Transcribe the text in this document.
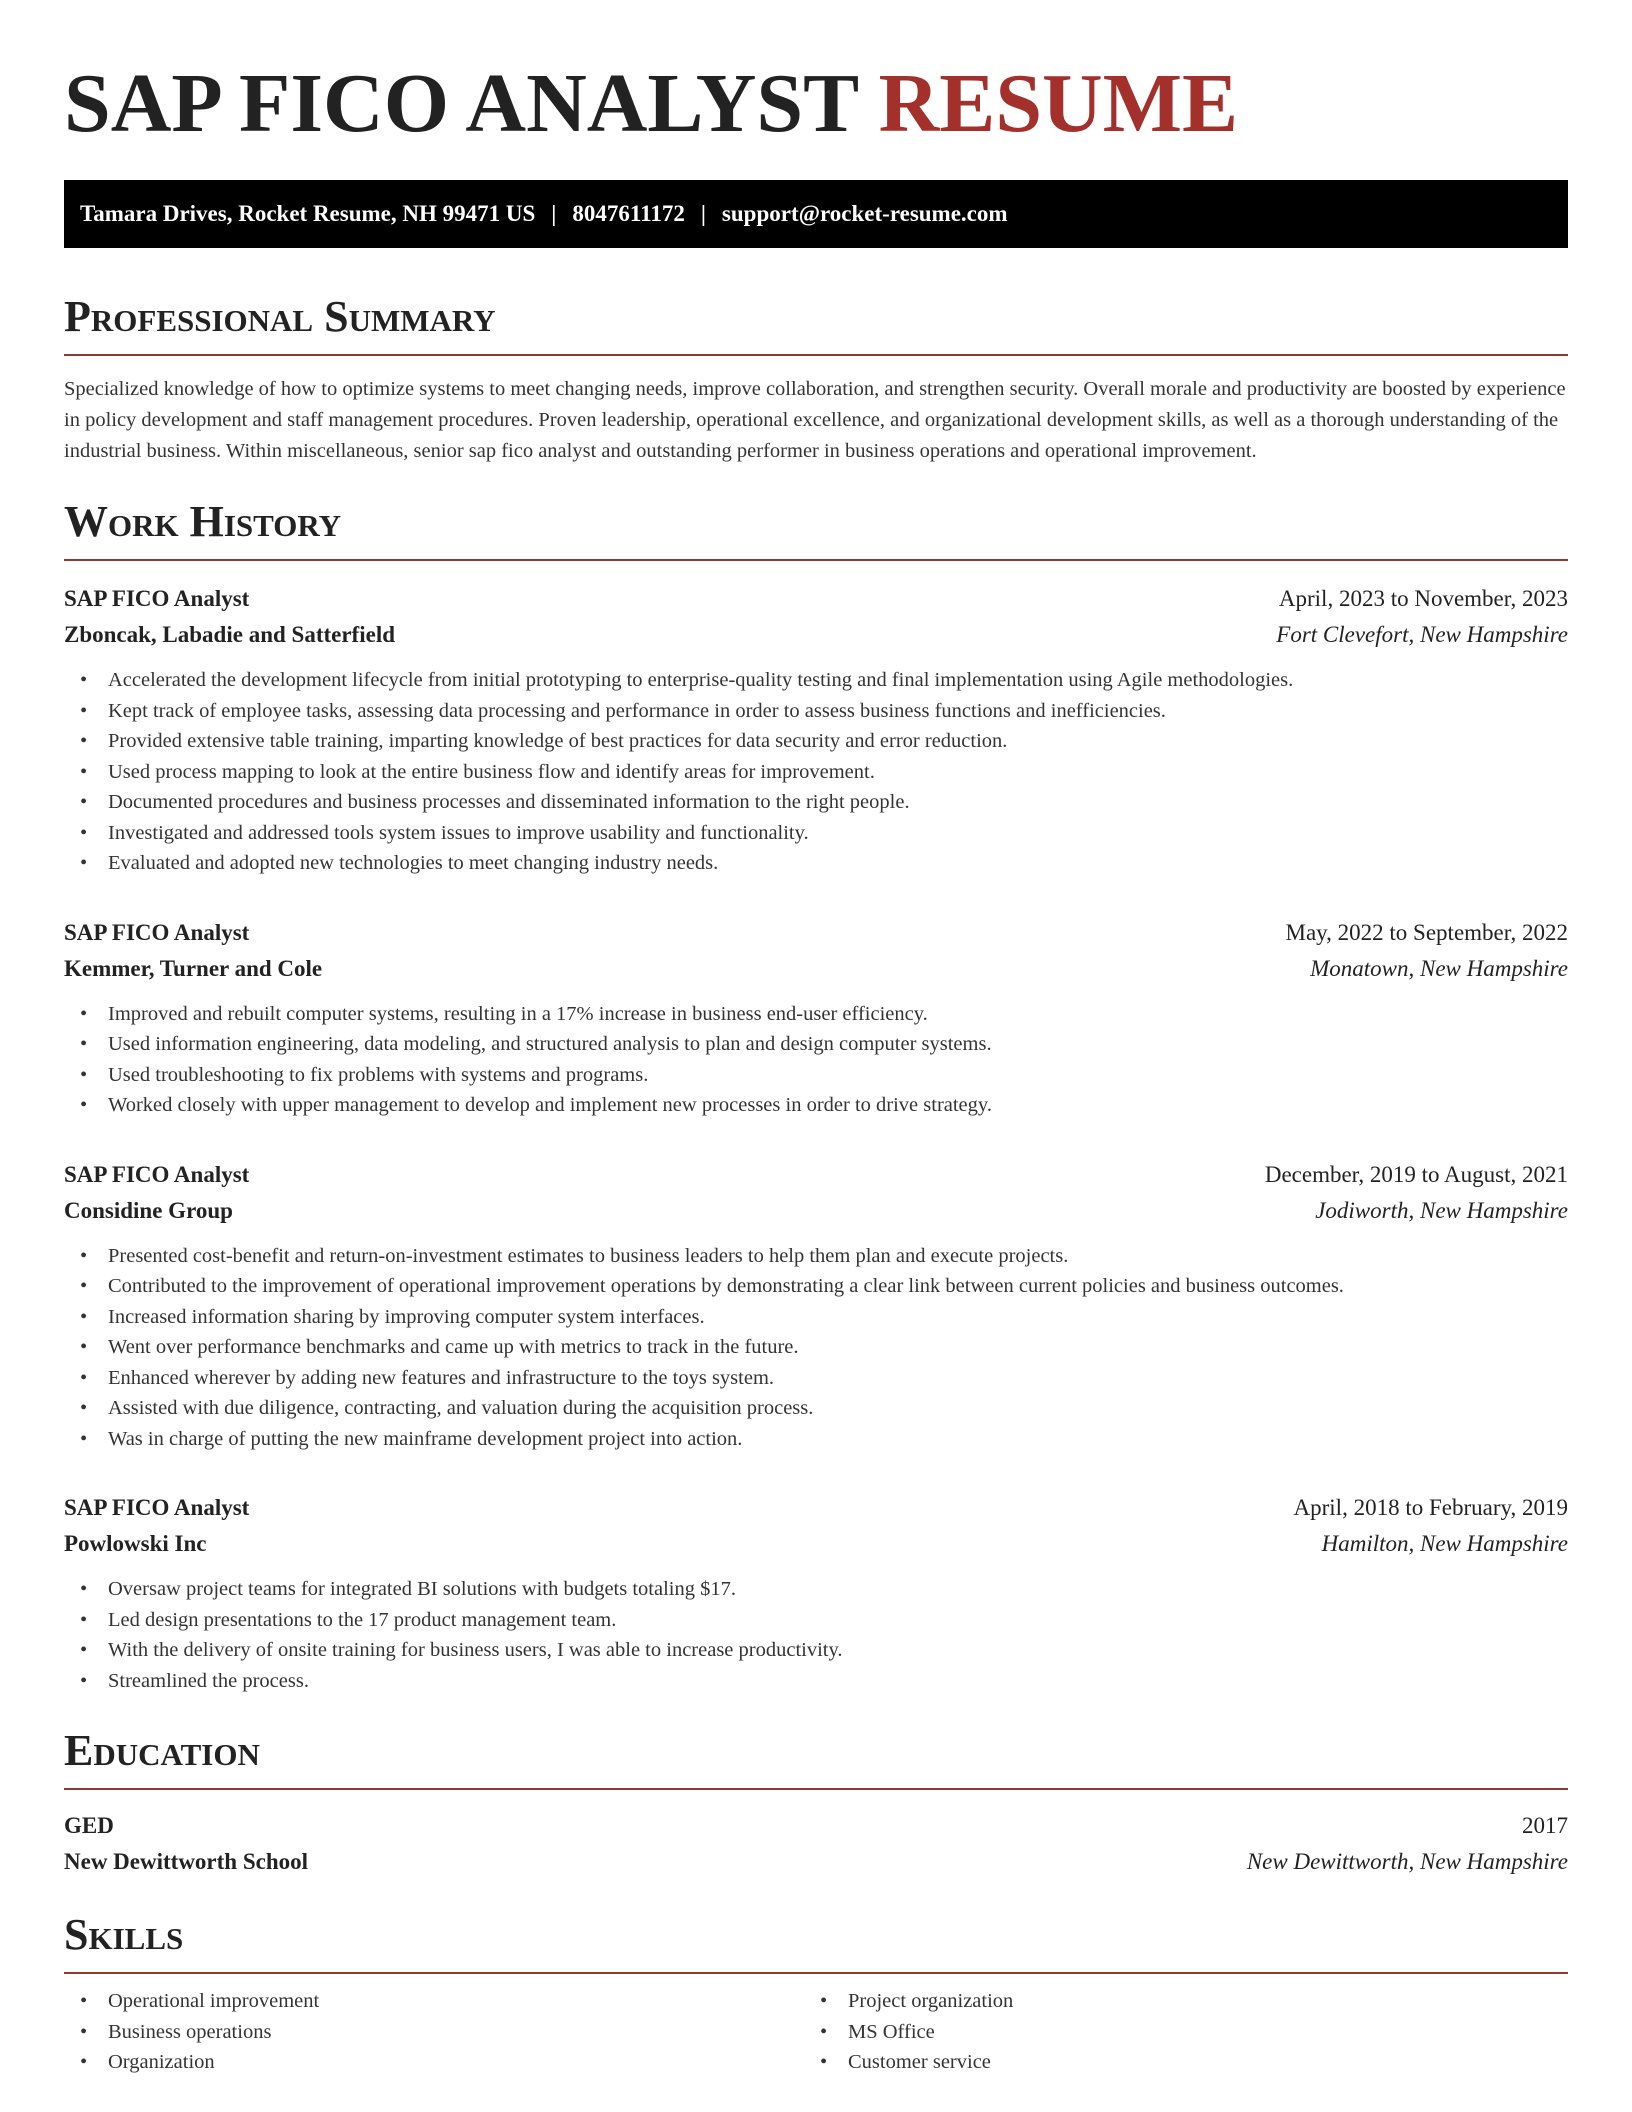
SAP FICO ANALYST RESUME
Tamara Drives, Rocket Resume, NH 99471 US | 8047611172 | support@rocket-resume.com
Professional Summary

Specialized knowledge of how to optimize systems to meet changing needs, improve collaboration, and strengthen security. Overall morale and productivity are boosted by experience in policy development and staff management procedures. Proven leadership, operational excellence, and organizational development skills, as well as a thorough understanding of the industrial business. Within miscellaneous, senior sap fico analyst and outstanding performer in business operations and operational improvement.

Work History
SAP FICO Analyst	April, 2023 to November, 2023
Zboncak, Labadie and Satterfield	Fort Clevefort, New Hampshire
• Accelerated the development lifecycle from initial prototyping to enterprise-quality testing and final implementation using Agile methodologies.
• Kept track of employee tasks, assessing data processing and performance in order to assess business functions and inefficiencies.
• Provided extensive table training, imparting knowledge of best practices for data security and error reduction.
• Used process mapping to look at the entire business flow and identify areas for improvement.
• Documented procedures and business processes and disseminated information to the right people.
• Investigated and addressed tools system issues to improve usability and functionality.
• Evaluated and adopted new technologies to meet changing industry needs.
SAP FICO Analyst	May, 2022 to September, 2022
Kemmer, Turner and Cole	Monatown, New Hampshire
• Improved and rebuilt computer systems, resulting in a 17% increase in business end-user efficiency.
• Used information engineering, data modeling, and structured analysis to plan and design computer systems.
• Used troubleshooting to fix problems with systems and programs.
• Worked closely with upper management to develop and implement new processes in order to drive strategy.
SAP FICO Analyst	December, 2019 to August, 2021
Considine Group	Jodiworth, New Hampshire
• Presented cost-benefit and return-on-investment estimates to business leaders to help them plan and execute projects.
• Contributed to the improvement of operational improvement operations by demonstrating a clear link between current policies and business outcomes.
• Increased information sharing by improving computer system interfaces.
• Went over performance benchmarks and came up with metrics to track in the future.
• Enhanced wherever by adding new features and infrastructure to the toys system.
• Assisted with due diligence, contracting, and valuation during the acquisition process.
• Was in charge of putting the new mainframe development project into action.
SAP FICO Analyst	April, 2018 to February, 2019
Powlowski Inc	Hamilton, New Hampshire
• Oversaw project teams for integrated BI solutions with budgets totaling $17.
• Led design presentations to the 17 product management team.
• With the delivery of onsite training for business users, I was able to increase productivity.
• Streamlined the process.
Education
GED	2017
New Dewittworth School	New Dewittworth, New Hampshire
Skills
• Operational improvement
• Business operations
• Organization
• Project organization
• MS Office
• Customer service
